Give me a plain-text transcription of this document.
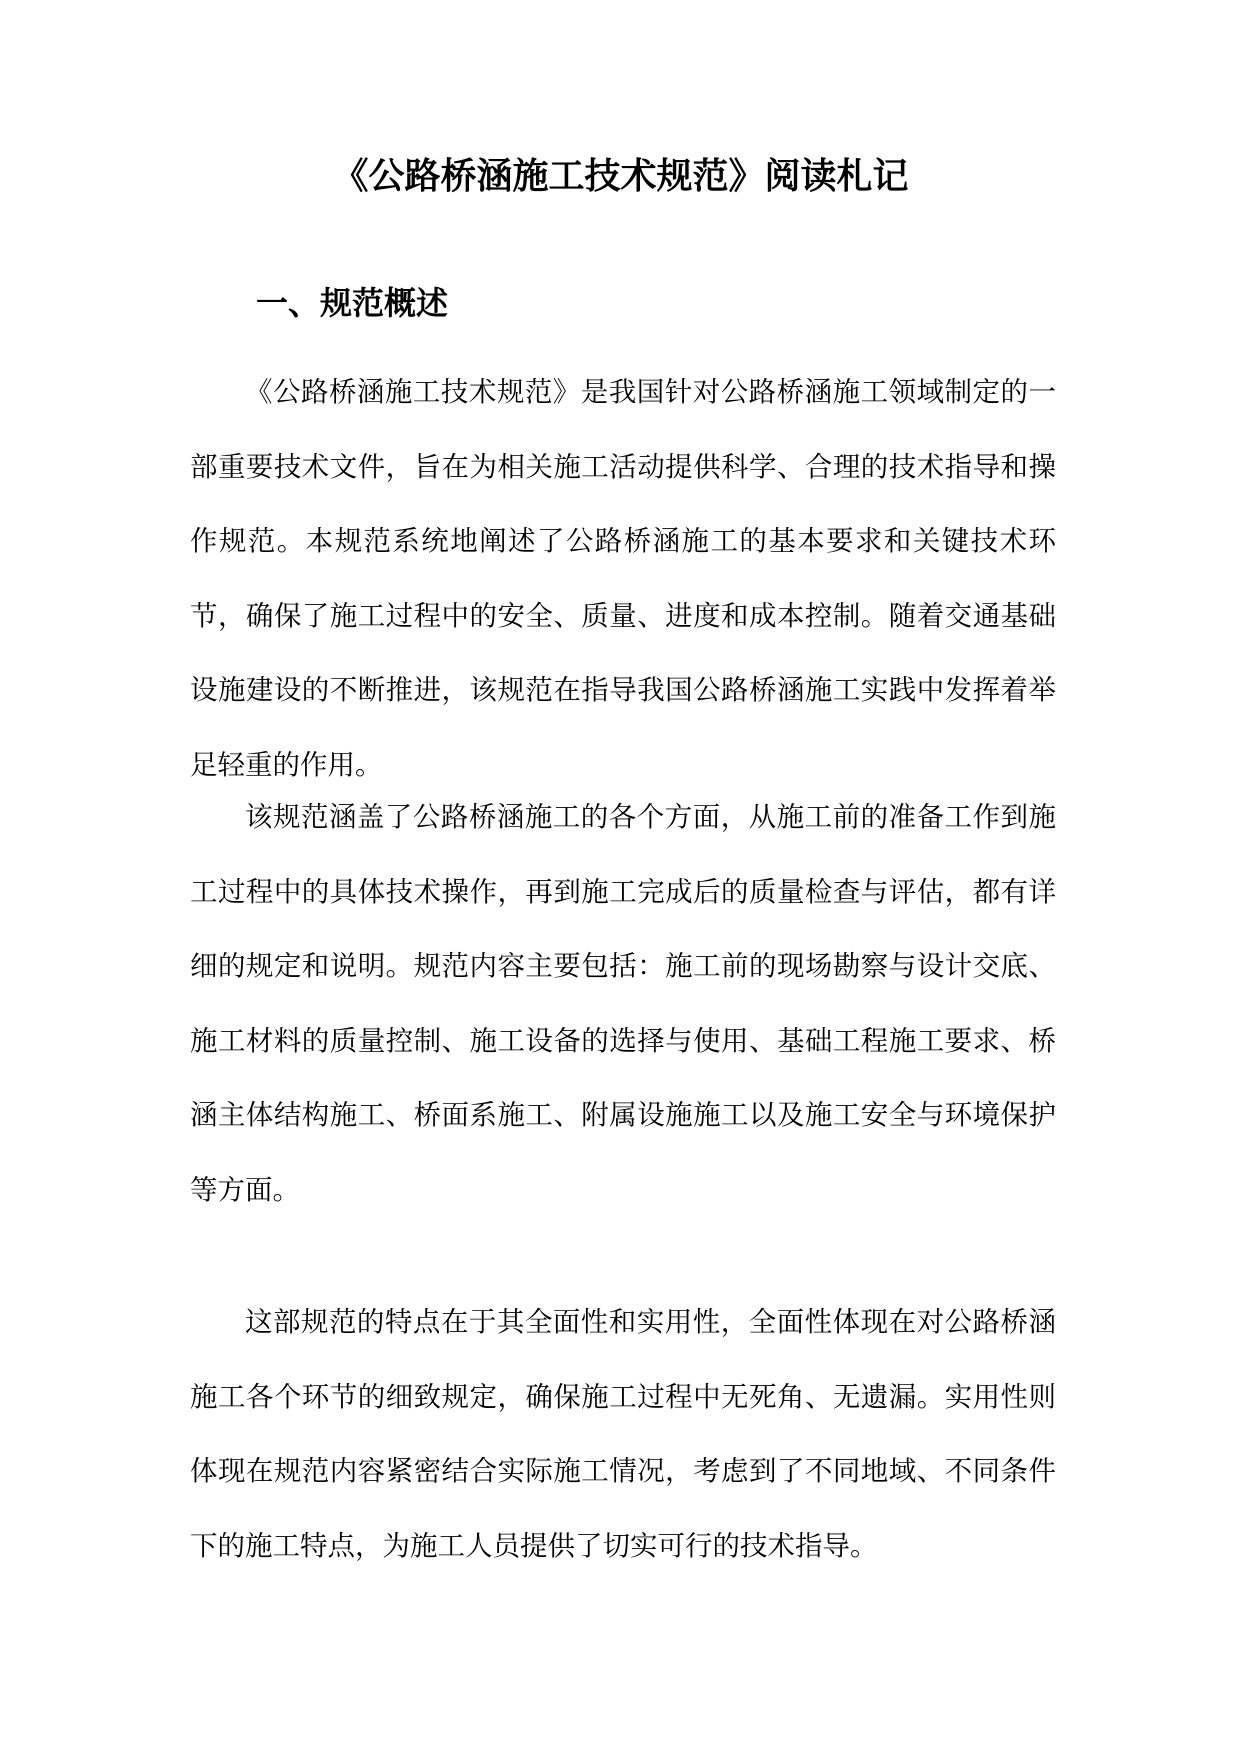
《公路桥涵施工技术规范》阅读札记
一、规范概述

《公路桥涵施工技术规范》是我国针对公路桥涵施工领域制定的一部重要技术文件，旨在为相关施工活动提供科学、合理的技术指导和操作规范。本规范系统地阐述了公路桥涵施工的基本要求和关键技术环节，确保了施工过程中的安全、质量、进度和成本控制。随着交通基础设施建设的不断推进，该规范在指导我国公路桥涵施工实践中发挥着举足轻重的作用。

该规范涵盖了公路桥涵施工的各个方面，从施工前的准备工作到施工过程中的具体技术操作，再到施工完成后的质量检查与评估，都有详细的规定和说明。规范内容主要包括：施工前的现场勘察与设计交底、施工材料的质量控制、施工设备的选择与使用、基础工程施工要求、桥涵主体结构施工、桥面系施工、附属设施施工以及施工安全与环境保护等方面。

这部规范的特点在于其全面性和实用性，全面性体现在对公路桥涵施工各个环节的细致规定，确保施工过程中无死角、无遗漏。实用性则体现在规范内容紧密结合实际施工情况，考虑到了不同地域、不同条件下的施工特点，为施工人员提供了切实可行的技术指导。
